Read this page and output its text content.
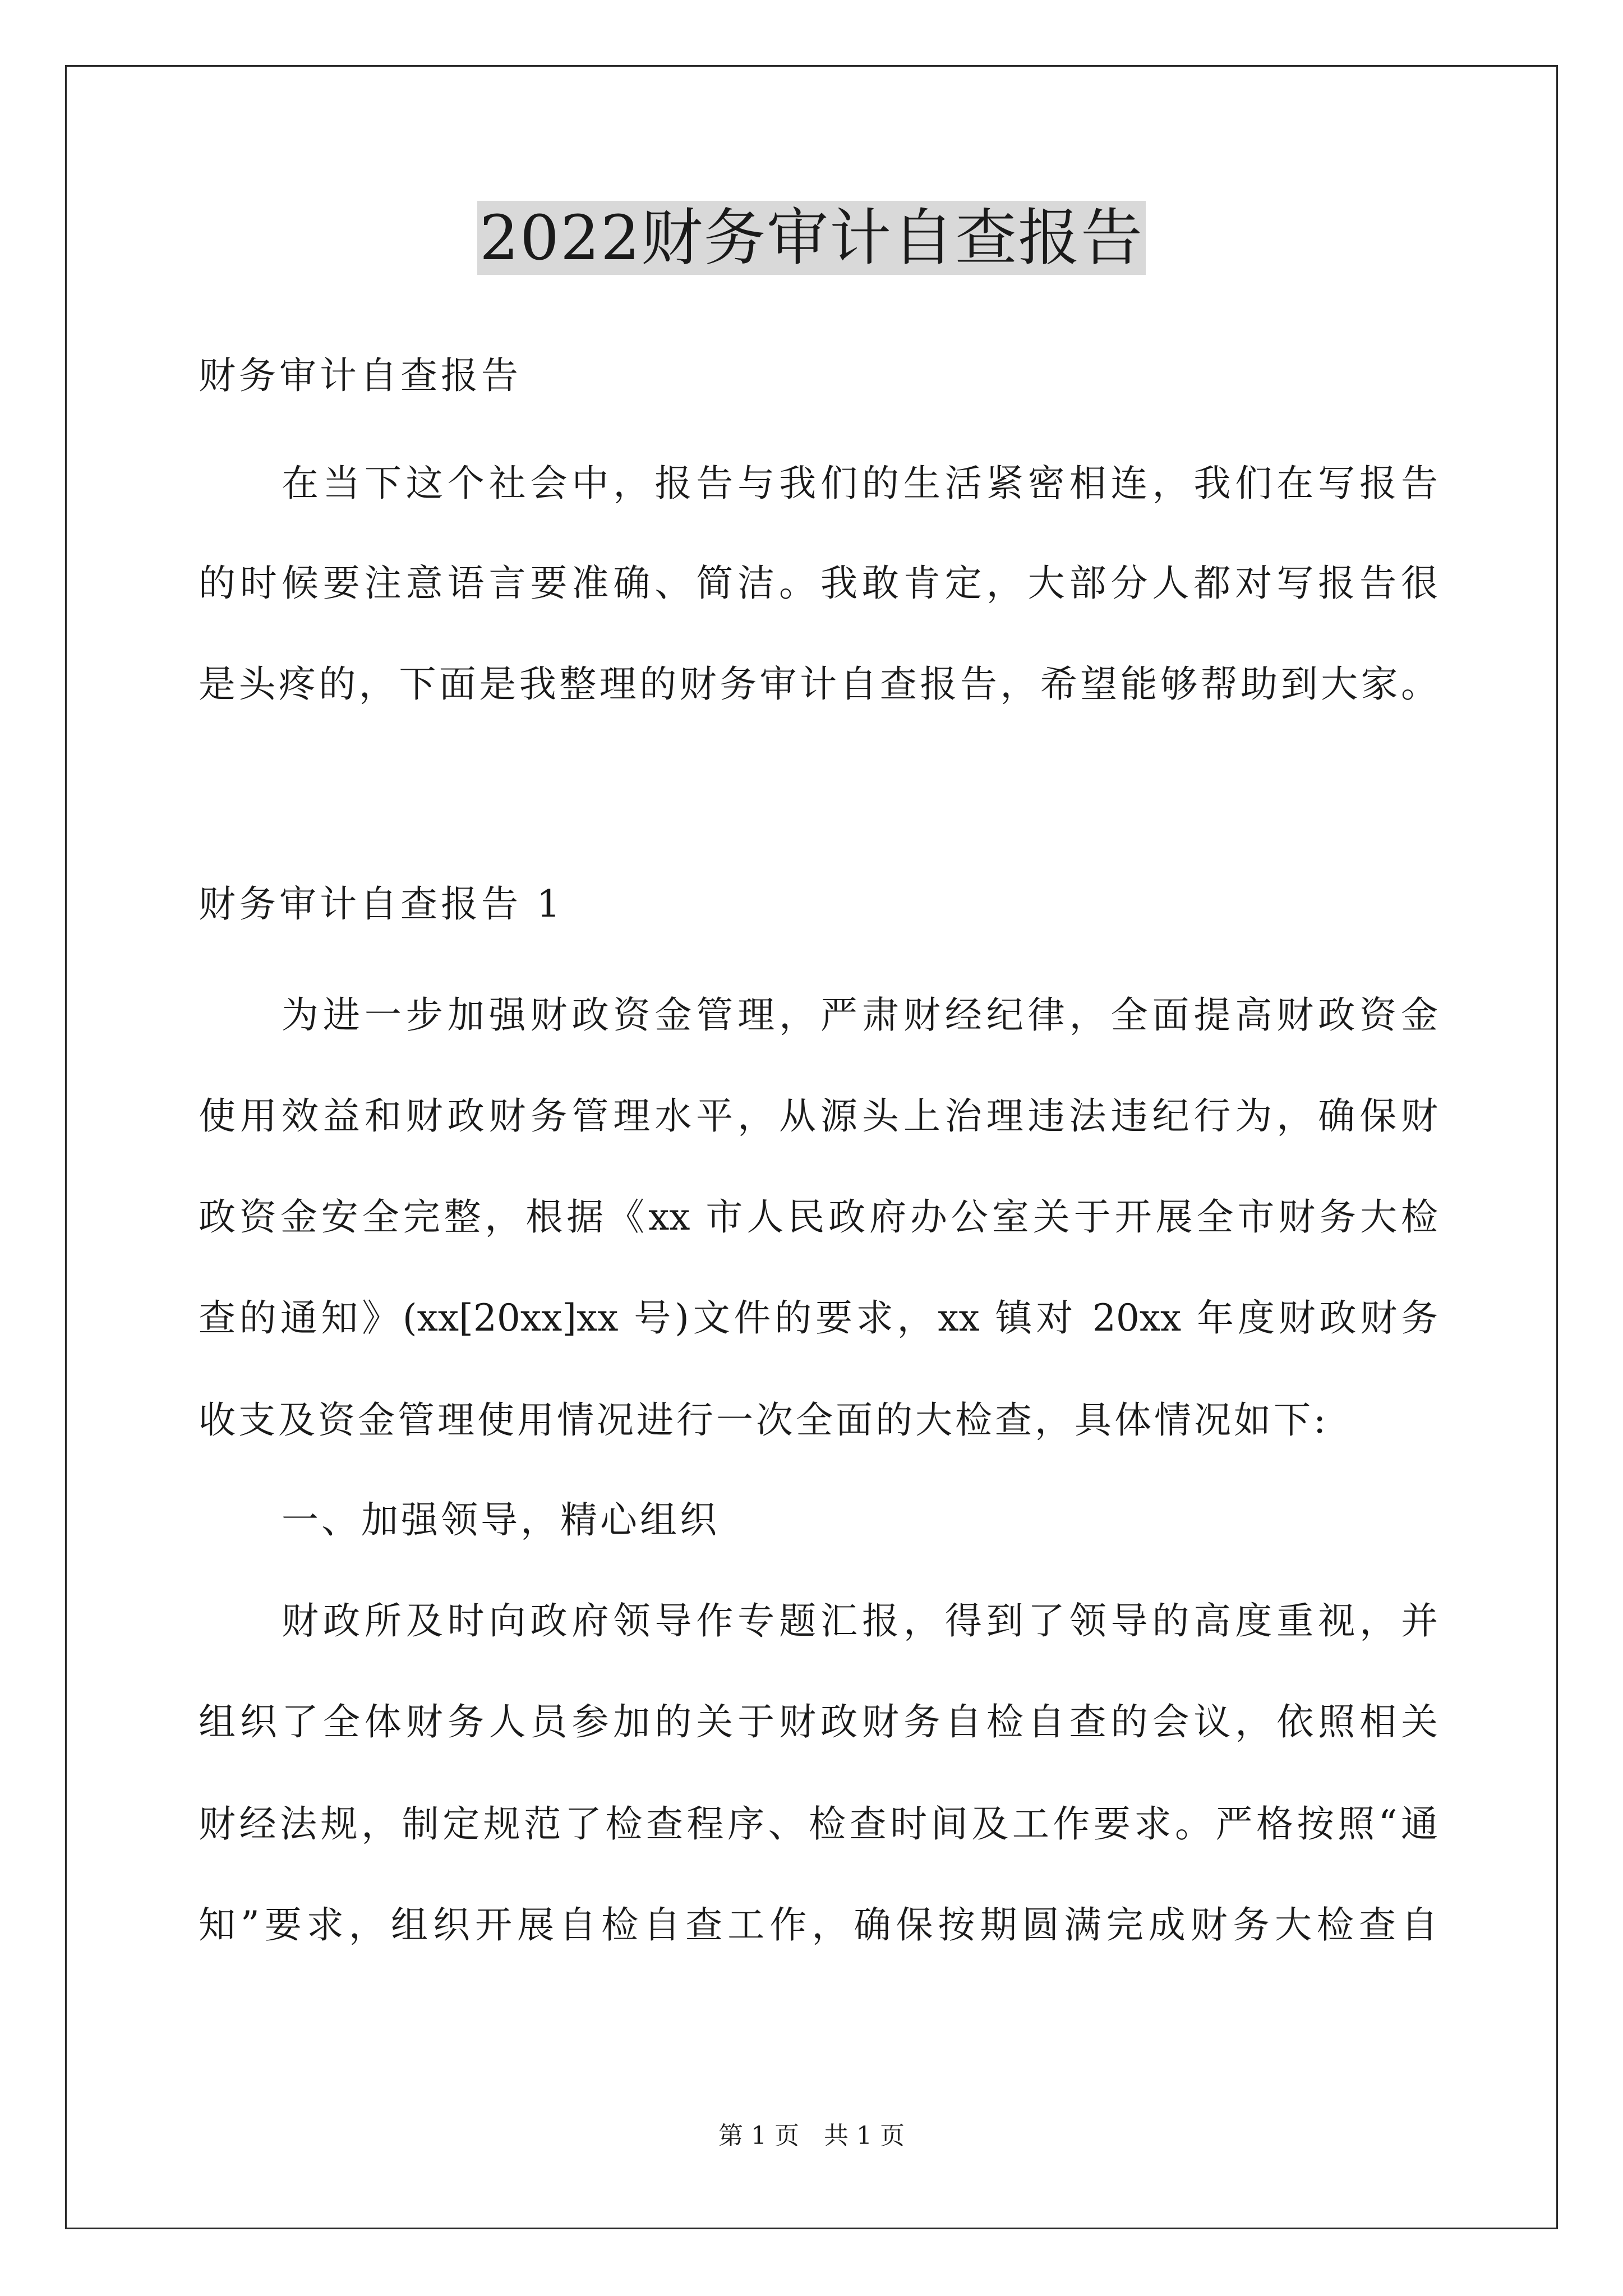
2022财务审计自查报告
财务审计自查报告
在当下这个社会中，报告与我们的生活紧密相连，我们在写报告
的时候要注意语言要准确、简洁。我敢肯定，大部分人都对写报告很
是头疼的，下面是我整理的财务审计自查报告，希望能够帮助到大家。
财务审计自查报告 1
为进一步加强财政资金管理，严肃财经纪律，全面提高财政资金
使用效益和财政财务管理水平，从源头上治理违法违纪行为，确保财
政资金安全完整，根据《xx 市人民政府办公室关于开展全市财务大检
查的通知》(xx[20xx]xx 号)文件的要求，xx 镇对 20xx 年度财政财务
收支及资金管理使用情况进行一次全面的大检查，具体情况如下:
一、加强领导，精心组织
财政所及时向政府领导作专题汇报，得到了领导的高度重视，并
组织了全体财务人员参加的关于财政财务自检自查的会议，依照相关
财经法规，制定规范了检查程序、检查时间及工作要求。严格按照“通
知”要求，组织开展自检自查工作，确保按期圆满完成财务大检查自
第 1 页　共 1 页
